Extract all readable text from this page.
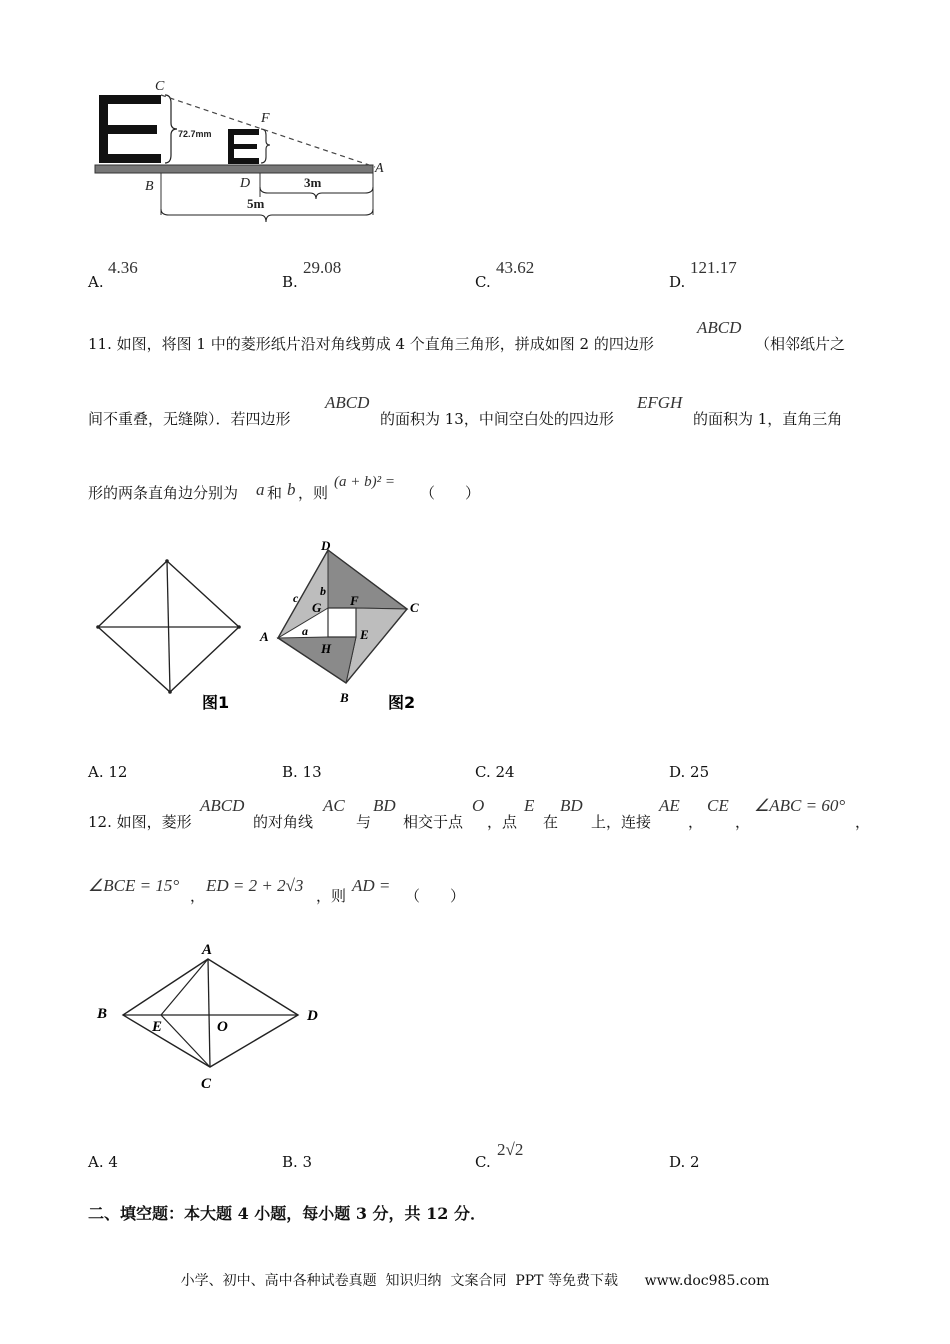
C
F
A
B	D
72.7mm
3m
5m
A.
4.36
B.
29.08
C.
43.62
D.
121.17
11. 如图，将图 1 中的菱形纸片沿对角线剪成 4 个直角三角形，拼成如图 2 的四边形
ABCD
（相邻纸片之
间不重叠，无缝隙）．若四边形
ABCD
的面积为 13，中间空白处的四边形
EFGH
的面积为 1，直角三角
形的两条直角边分别为 a 和 b ，则
(a + b)² =
（　　）
D
C
A
B
G F
E
H
a
b
c
图1	图2
A. 12	B. 13	C. 24	D. 25
12. 如图，菱形
ABCD
的对角线
AC
与
BD
相交于点
O
，点
E
在
BD
上，连接
AE
，
CE
，
∠ABC = 60°
，
∠BCE = 15°
，
ED = 2 + 2√3
，则
AD =
（　　）
A
B
C
D
E	O
A. 4	B. 3	C.
2√2
D. 2
二、填空题：本大题 4 小题，每小题 3 分，共 12 分．
小学、初中、高中各种试卷真题  知识归纳  文案合同  PPT 等免费下载      www.doc985.com
